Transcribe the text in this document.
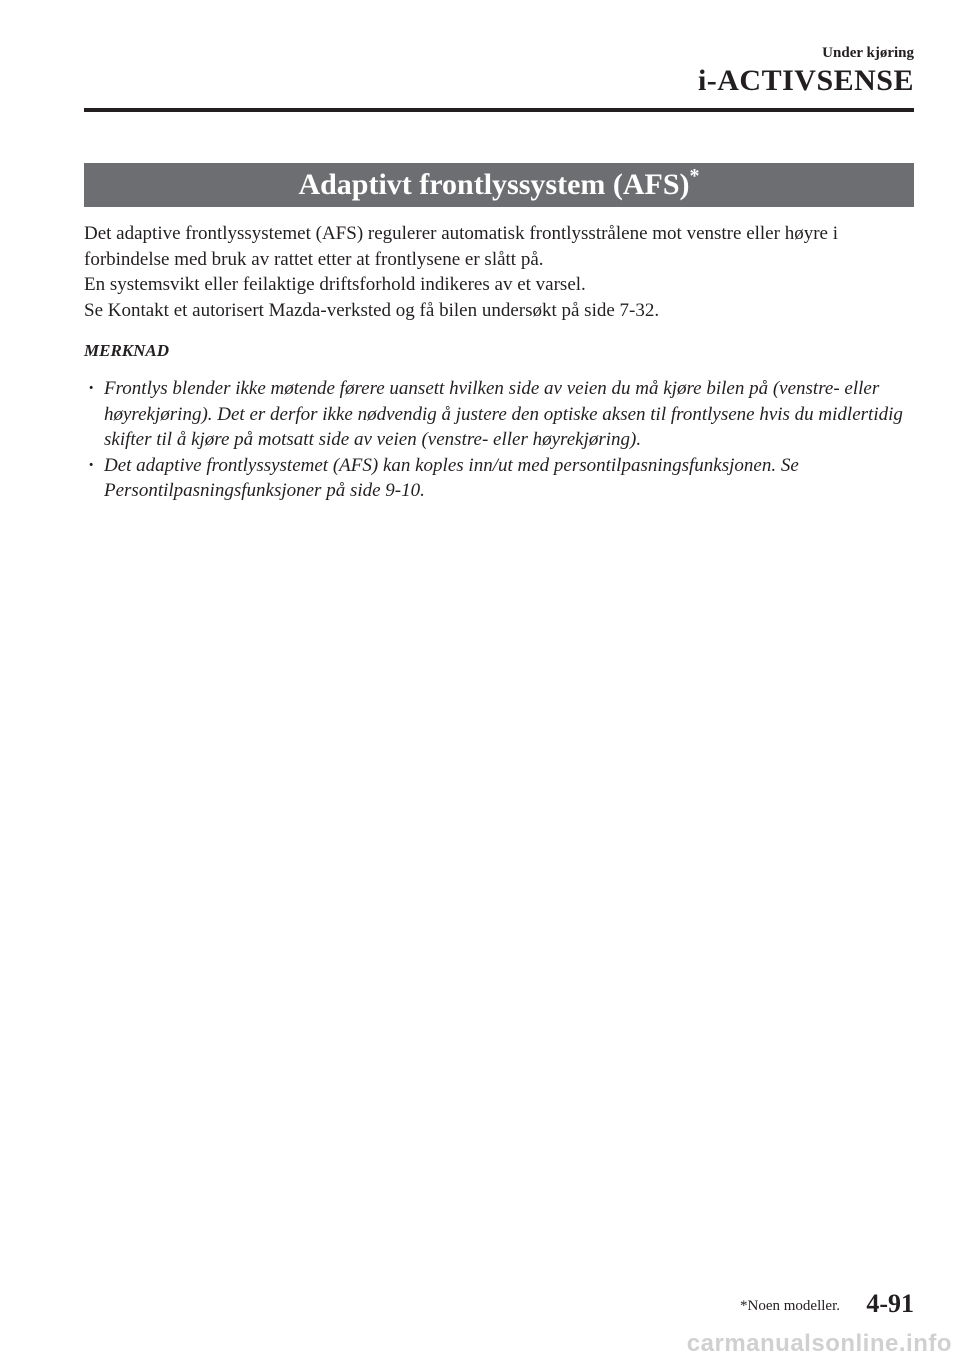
Under kjøring
i-ACTIVSENSE
Adaptivt frontlyssystem (AFS)*

Det adaptive frontlyssystemet (AFS) regulerer automatisk frontlysstrålene mot venstre eller høyre i forbindelse med bruk av rattet etter at frontlysene er slått på.

En systemsvikt eller feilaktige driftsforhold indikeres av et varsel.

Se Kontakt et autorisert Mazda-verksted og få bilen undersøkt på side 7-32.

MERKNAD
· Frontlys blender ikke møtende førere uansett hvilken side av veien du må kjøre bilen på (venstre- eller høyrekjøring). Det er derfor ikke nødvendig å justere den optiske aksen til frontlysene hvis du midlertidig skifter til å kjøre på motsatt side av veien (venstre- eller høyrekjøring).
· Det adaptive frontlyssystemet (AFS) kan koples inn/ut med persontilpasningsfunksjonen. Se Persontilpasningsfunksjoner på side 9-10.
*Noen modeller. 4-91
carmanualsonline.info
